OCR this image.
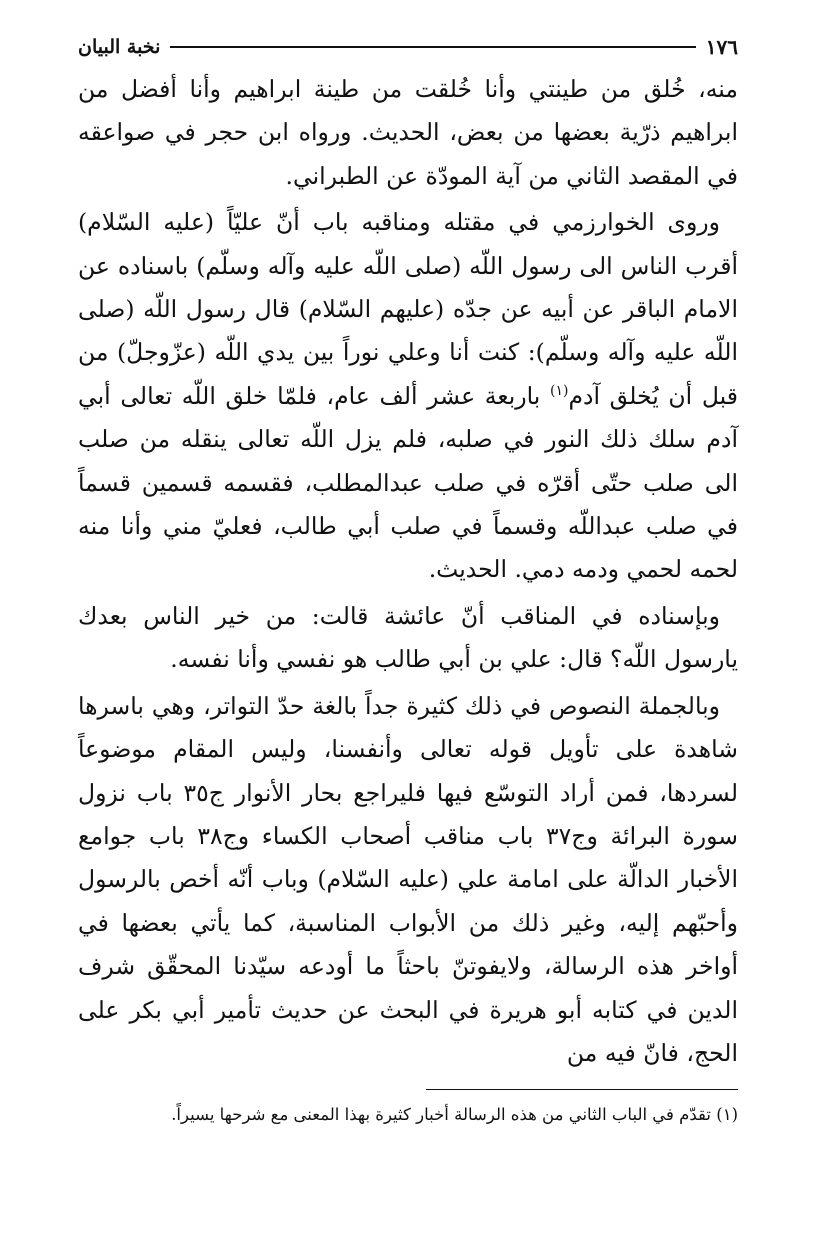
١٧٦
نخبة البيان

منه، خُلق من طينتي وأنا خُلقت من طينة ابراهيم وأنا أفضل من ابراهيم ذرّية بعضها من بعض، الحديث. ورواه ابن حجر في صواعقه في المقصد الثاني من آية المودّة عن الطبراني.

وروى الخوارزمي في مقتله ومناقبه باب أنّ عليّاً (عليه السّلام) أقرب الناس الى رسول اللّه (صلى اللّه عليه وآله وسلّم) باسناده عن الامام الباقر عن أبيه عن جدّه (عليهم السّلام) قال رسول اللّه (صلى اللّه عليه وآله وسلّم): كنت أنا وعلي نوراً بين يدي اللّه (عزّوجلّ) من قبل أن يُخلق آدم$^{(١)}$ باربعة عشر ألف عام، فلمّا خلق اللّه تعالى أبي آدم سلك ذلك النور في صلبه، فلم يزل اللّه تعالى ينقله من صلب الى صلب حتّى أقرّه في صلب عبدالمطلب، فقسمه قسمين قسماً في صلب عبداللّه وقسماً في صلب أبي طالب، فعليّ مني وأنا منه لحمه لحمي ودمه دمي. الحديث.

وبإسناده في المناقب أنّ عائشة قالت: من خير الناس بعدك يارسول اللّه؟ قال: علي بن أبي طالب هو نفسي وأنا نفسه.

وبالجملة النصوص في ذلك كثيرة جداً بالغة حدّ التواتر، وهي باسرها شاهدة على تأويل قوله تعالى وأنفسنا، وليس المقام موضوعاً لسردها، فمن أراد التوسّع فيها فليراجع بحار الأنوار ج٣٥ باب نزول سورة البرائة وج٣٧ باب مناقب أصحاب الكساء وج٣٨ باب جوامع الأخبار الدالّة على امامة علي (عليه السّلام) وباب أنّه أخص بالرسول وأحبّهم إليه، وغير ذلك من الأبواب المناسبة، كما يأتي بعضها في أواخر هذه الرسالة، ولايفوتنّ باحثاً ما أودعه سيّدنا المحقّق شرف الدين في كتابه أبو هريرة في البحث عن حديث تأمير أبي بكر على الحج، فانّ فيه من

(١) تقدّم في الباب الثاني من هذه الرسالة أخبار كثيرة بهذا المعنى مع شرحها يسيراً.
